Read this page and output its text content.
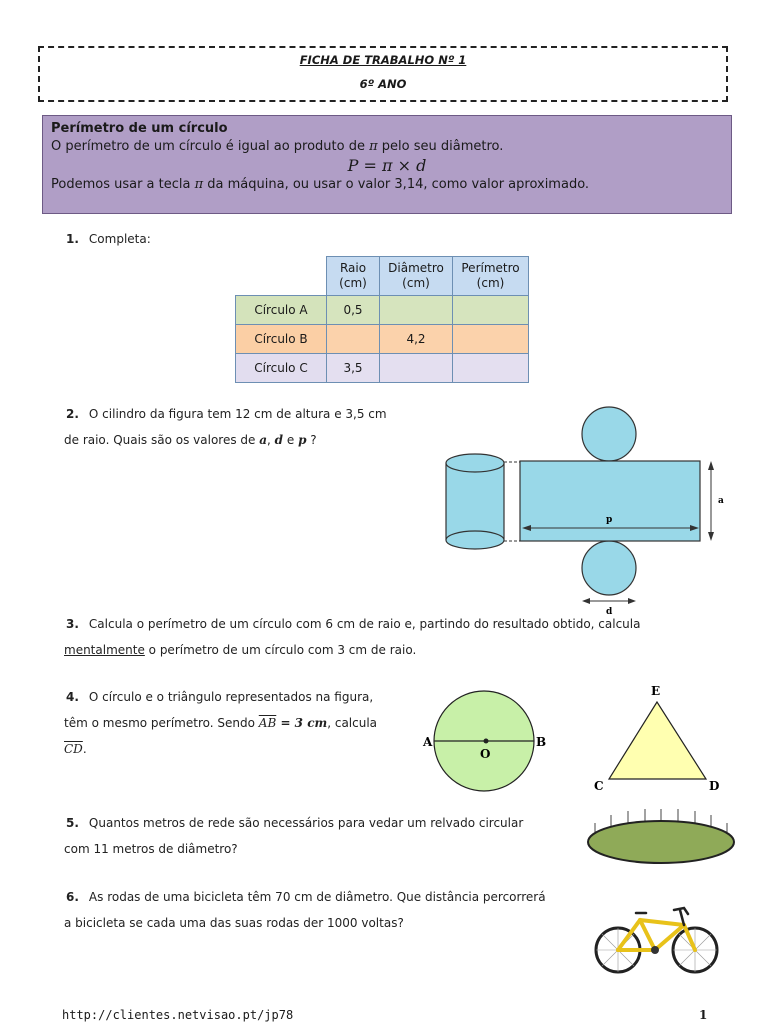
FICHA DE TRABALHO Nº 1
6º ANO
Perímetro de um círculo
O perímetro de um círculo é igual ao produto de π pelo seu diâmetro.
P = π × d
Podemos usar a tecla π da máquina, ou usar o valor 3,14, como valor aproximado.
1. Completa:
	Raio (cm)	Diâmetro (cm)	Perímetro (cm)
Círculo A	0,5		
Círculo B		4,2	
Círculo C	3,5		
2. O cilindro da figura tem 12 cm de altura e 3,5 cm
de raio. Quais são os valores de a, d e p ?
p
a
d
3. Calcula o perímetro de um círculo com 6 cm de raio e, partindo do resultado obtido, calcula
mentalmente o perímetro de um círculo com 3 cm de raio.
4. O círculo e o triângulo representados na figura,
têm o mesmo perímetro. Sendo $\overline{AB} = 3$ cm, calcula
$\overline{CD}$.	A	B
O
E
C	D
5. Quantos metros de rede são necessários para vedar um relvado circular
com 11 metros de diâmetro?
6. As rodas de uma bicicleta têm 70 cm de diâmetro. Que distância percorrerá
a bicicleta se cada uma das suas rodas der 1000 voltas?
http://clientes.netvisao.pt/jp78	1
